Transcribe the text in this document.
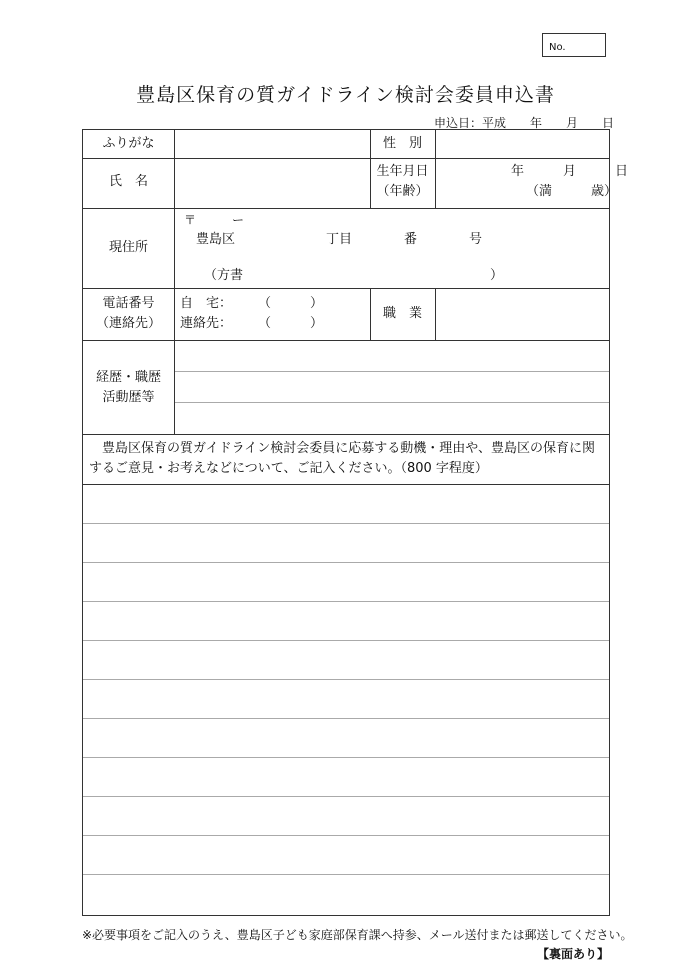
No.
豊島区保育の質ガイドライン検討会委員申込書
申込日：平成　　年　　月　　日
ふりがな	性　別
氏　名
生年月日
（年齢）
年　　　月　　　日
（満　　　歳）
現住所
〒　　　ー
豊島区　　　　　　　丁目　　　　番　　　　号
（方書　　　　　　　　　　　　　　　　　　　）
電話番号
（連絡先）
自　宅：　　　（　　　）
連絡先：　　　（　　　）
職　業
経歴・職歴
活動歴等
　豊島区保育の質ガイドライン検討会委員に応募する動機・理由や、豊島区の保育に関
するご意見・お考えなどについて、ご記入ください。（800 字程度）
※必要事項をご記入のうえ、豊島区子ども家庭部保育課へ持参、メール送付または郵送してください。
【裏面あり】
